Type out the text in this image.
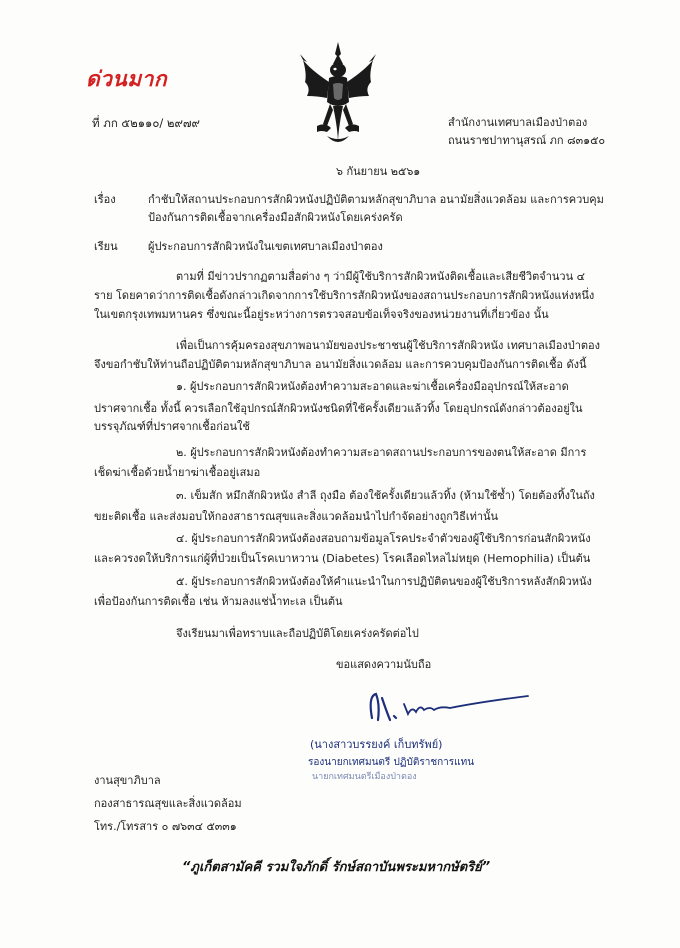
ด่วนมาก
ที่ ภก ๕๒๑๑๐/ ๒๙๗๙	สำนักงานเทศบาลเมืองป่าตอง
ถนนราชปาทานุสรณ์ ภก ๘๓๑๕๐
๖ กันยายน ๒๕๖๑
เรื่อง	กำชับให้สถานประกอบการสักผิวหนังปฏิบัติตามหลักสุขาภิบาล อนามัยสิ่งแวดล้อม และการควบคุม
ป้องกันการติดเชื้อจากเครื่องมือสักผิวหนังโดยเคร่งครัด
เรียน	ผู้ประกอบการสักผิวหนังในเขตเทศบาลเมืองป่าตอง
ตามที่ มีข่าวปรากฏตามสื่อต่าง ๆ ว่ามีผู้ใช้บริการสักผิวหนังติดเชื้อและเสียชีวิตจำนวน ๔
ราย โดยคาดว่าการติดเชื้อดังกล่าวเกิดจากการใช้บริการสักผิวหนังของสถานประกอบการสักผิวหนังแห่งหนึ่ง
ในเขตกรุงเทพมหานคร ซึ่งขณะนี้อยู่ระหว่างการตรวจสอบข้อเท็จจริงของหน่วยงานที่เกี่ยวข้อง นั้น
เพื่อเป็นการคุ้มครองสุขภาพอนามัยของประชาชนผู้ใช้บริการสักผิวหนัง เทศบาลเมืองป่าตอง
จึงขอกำชับให้ท่านถือปฏิบัติตามหลักสุขาภิบาล อนามัยสิ่งแวดล้อม และการควบคุมป้องกันการติดเชื้อ ดังนี้
๑. ผู้ประกอบการสักผิวหนังต้องทำความสะอาดและฆ่าเชื้อเครื่องมืออุปกรณ์ให้สะอาด
ปราศจากเชื้อ ทั้งนี้ ควรเลือกใช้อุปกรณ์สักผิวหนังชนิดที่ใช้ครั้งเดียวแล้วทิ้ง โดยอุปกรณ์ดังกล่าวต้องอยู่ใน
บรรจุภัณฑ์ที่ปราศจากเชื้อก่อนใช้
๒. ผู้ประกอบการสักผิวหนังต้องทำความสะอาดสถานประกอบการของตนให้สะอาด มีการ
เช็ดฆ่าเชื้อด้วยน้ำยาฆ่าเชื้ออยู่เสมอ
๓. เข็มสัก หมึกสักผิวหนัง สำลี ถุงมือ ต้องใช้ครั้งเดียวแล้วทิ้ง (ห้ามใช้ซ้ำ) โดยต้องทิ้งในถัง
ขยะติดเชื้อ และส่งมอบให้กองสาธารณสุขและสิ่งแวดล้อมนำไปกำจัดอย่างถูกวิธีเท่านั้น
๔. ผู้ประกอบการสักผิวหนังต้องสอบถามข้อมูลโรคประจำตัวของผู้ใช้บริการก่อนสักผิวหนัง
และควรงดให้บริการแก่ผู้ที่ป่วยเป็นโรคเบาหวาน (Diabetes) โรคเลือดไหลไม่หยุด (Hemophilia) เป็นต้น
๕. ผู้ประกอบการสักผิวหนังต้องให้คำแนะนำในการปฏิบัติตนของผู้ใช้บริการหลังสักผิวหนัง
เพื่อป้องกันการติดเชื้อ เช่น ห้ามลงแช่น้ำทะเล เป็นต้น
จึงเรียนมาเพื่อทราบและถือปฏิบัติโดยเคร่งครัดต่อไป
ขอแสดงความนับถือ
(นางสาวบรรยงค์ เก็บทรัพย์)
รองนายกเทศมนตรี ปฏิบัติราชการแทน
นายกเทศมนตรีเมืองป่าตอง
งานสุขาภิบาล
กองสาธารณสุขและสิ่งแวดล้อม
โทร./โทรสาร ๐ ๗๖๓๔ ๕๓๓๑
“ภูเก็ตสามัคคี รวมใจภักดิ์ รักษ์สถาบันพระมหากษัตริย์”
